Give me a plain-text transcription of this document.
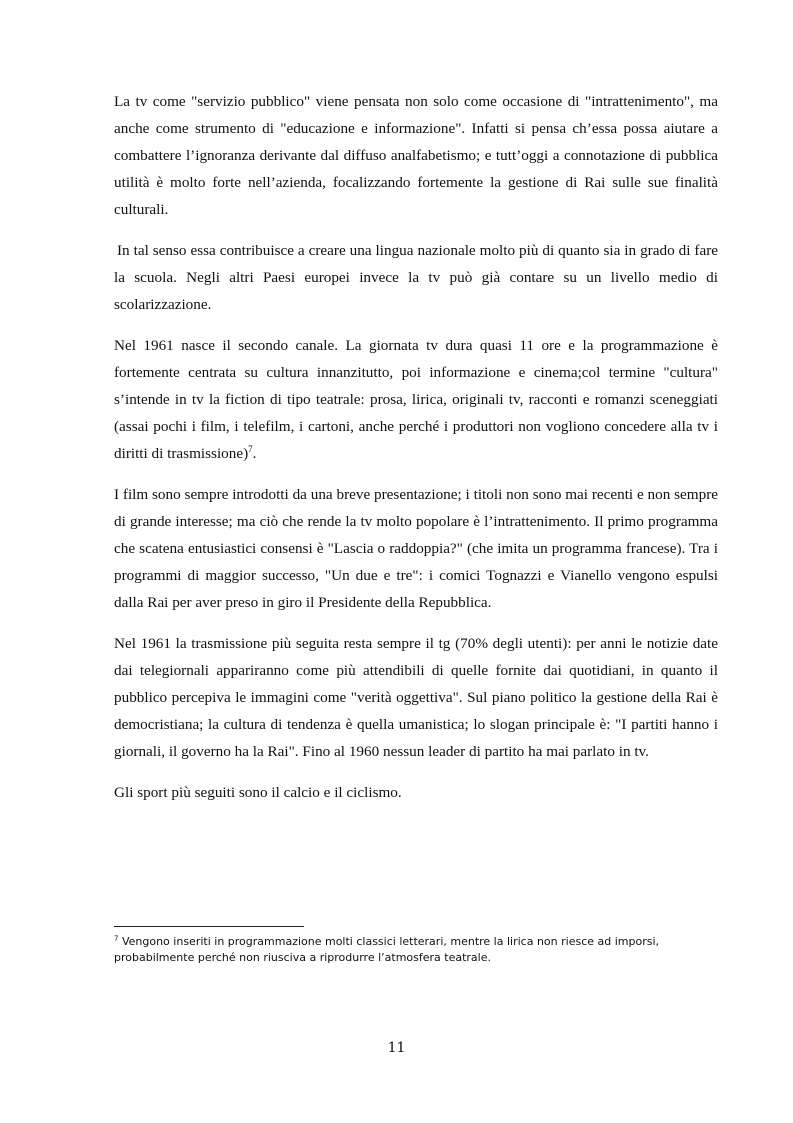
La tv come "servizio pubblico" viene pensata non solo come occasione di "intrattenimento", ma anche come strumento di "educazione e informazione". Infatti si pensa ch’essa possa aiutare a combattere l’ignoranza derivante dal diffuso analfabetismo; e tutt’oggi a connotazione di pubblica utilità è molto forte nell’azienda, focalizzando fortemente la gestione di Rai sulle sue finalità culturali.

In tal senso essa contribuisce a creare una lingua nazionale molto più di quanto sia in grado di fare la scuola. Negli altri Paesi europei invece la tv può già contare su un livello medio di scolarizzazione.

Nel 1961 nasce il secondo canale. La giornata tv dura quasi 11 ore e la programmazione è fortemente centrata su cultura innanzitutto, poi informazione e cinema;col termine "cultura" s’intende in tv la fiction di tipo teatrale: prosa, lirica, originali tv, racconti e romanzi sceneggiati (assai pochi i film, i telefilm, i cartoni, anche perché i produttori non vogliono concedere alla tv i diritti di trasmissione)$^7$.

I film sono sempre introdotti da una breve presentazione; i titoli non sono mai recenti e non sempre di grande interesse; ma ciò che rende la tv molto popolare è l’intrattenimento. Il primo programma che scatena entusiastici consensi è "Lascia o raddoppia?" (che imita un programma francese). Tra i programmi di maggior successo, "Un due e tre": i comici Tognazzi e Vianello vengono espulsi dalla Rai per aver preso in giro il Presidente della Repubblica.

Nel 1961 la trasmissione più seguita resta sempre il tg (70% degli utenti): per anni le notizie date dai telegiornali appariranno come più attendibili di quelle fornite dai quotidiani, in quanto il pubblico percepiva le immagini come "verità oggettiva". Sul piano politico la gestione della Rai è democristiana; la cultura di tendenza è quella umanistica; lo slogan principale è: "I partiti hanno i giornali, il governo ha la Rai". Fino al 1960 nessun leader di partito ha mai parlato in tv.

Gli sport più seguiti sono il calcio e il ciclismo.

$^7$ Vengono inseriti in programmazione molti classici letterari, mentre la lirica non riesce ad imporsi, probabilmente perché non riusciva a riprodurre l’atmosfera teatrale.
11
